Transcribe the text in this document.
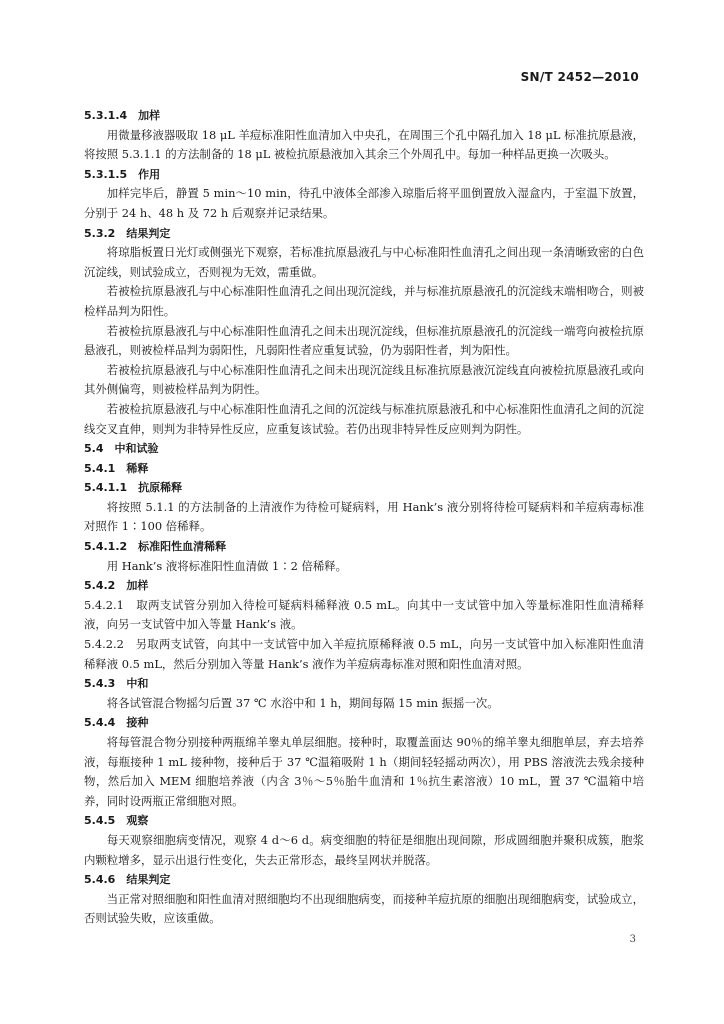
SN/T 2452—2010
5.3.1.4　加样
用微量移液器吸取 18 μL 羊痘标准阳性血清加入中央孔，在周围三个孔中隔孔加入 18 μL 标准抗原悬液，将按照 5.3.1.1 的方法制备的 18 μL 被检抗原悬液加入其余三个外周孔中。每加一种样品更换一次吸头。
5.3.1.5　作用
加样完毕后，静置 5 min～10 min，待孔中液体全部渗入琼脂后将平皿倒置放入湿盒内，于室温下放置，分别于 24 h、48 h 及 72 h 后观察并记录结果。
5.3.2　结果判定
将琼脂板置日光灯或侧强光下观察，若标准抗原悬液孔与中心标准阳性血清孔之间出现一条清晰致密的白色沉淀线，则试验成立，否则视为无效，需重做。
若被检抗原悬液孔与中心标准阳性血清孔之间出现沉淀线，并与标准抗原悬液孔的沉淀线末端相吻合，则被检样品判为阳性。
若被检抗原悬液孔与中心标准阳性血清孔之间未出现沉淀线，但标准抗原悬液孔的沉淀线一端弯向被检抗原悬液孔，则被检样品判为弱阳性，凡弱阳性者应重复试验，仍为弱阳性者，判为阳性。
若被检抗原悬液孔与中心标准阳性血清孔之间未出现沉淀线且标准抗原悬液沉淀线直向被检抗原悬液孔或向其外侧偏弯，则被检样品判为阴性。
若被检抗原悬液孔与中心标准阳性血清孔之间的沉淀线与标准抗原悬液孔和中心标准阳性血清孔之间的沉淀线交叉直伸，则判为非特异性反应，应重复该试验。若仍出现非特异性反应则判为阴性。
5.4　中和试验
5.4.1　稀释
5.4.1.1　抗原稀释
将按照 5.1.1 的方法制备的上清液作为待检可疑病料，用 Hank’s 液分别将待检可疑病料和羊痘病毒标准对照作 1∶100 倍稀释。
5.4.1.2　标准阳性血清稀释
用 Hank’s 液将标准阳性血清做 1∶2 倍稀释。
5.4.2　加样
5.4.2.1　取两支试管分别加入待检可疑病料稀释液 0.5 mL。向其中一支试管中加入等量标准阳性血清稀释液，向另一支试管中加入等量 Hank’s 液。
5.4.2.2　另取两支试管，向其中一支试管中加入羊痘抗原稀释液 0.5 mL，向另一支试管中加入标准阳性血清稀释液 0.5 mL，然后分别加入等量 Hank’s 液作为羊痘病毒标准对照和阳性血清对照。
5.4.3　中和
将各试管混合物摇匀后置 37 ℃ 水浴中和 1 h，期间每隔 15 min 振摇一次。
5.4.4　接种
将每管混合物分别接种两瓶绵羊睾丸单层细胞。接种时，取覆盖面达 90％的绵羊睾丸细胞单层，弃去培养液，每瓶接种 1 mL 接种物，接种后于 37 ℃温箱吸附 1 h（期间轻轻摇动两次），用 PBS 溶液洗去残余接种物，然后加入 MEM 细胞培养液（内含 3％～5％胎牛血清和 1％抗生素溶液）10 mL，置 37 ℃温箱中培养，同时设两瓶正常细胞对照。
5.4.5　观察
每天观察细胞病变情况，观察 4 d～6 d。病变细胞的特征是细胞出现间隙，形成圆细胞并聚积成簇，胞浆内颗粒增多，显示出退行性变化，失去正常形态，最终呈网状并脱落。
5.4.6　结果判定
当正常对照细胞和阳性血清对照细胞均不出现细胞病变，而接种羊痘抗原的细胞出现细胞病变，试验成立，否则试验失败，应该重做。
3
